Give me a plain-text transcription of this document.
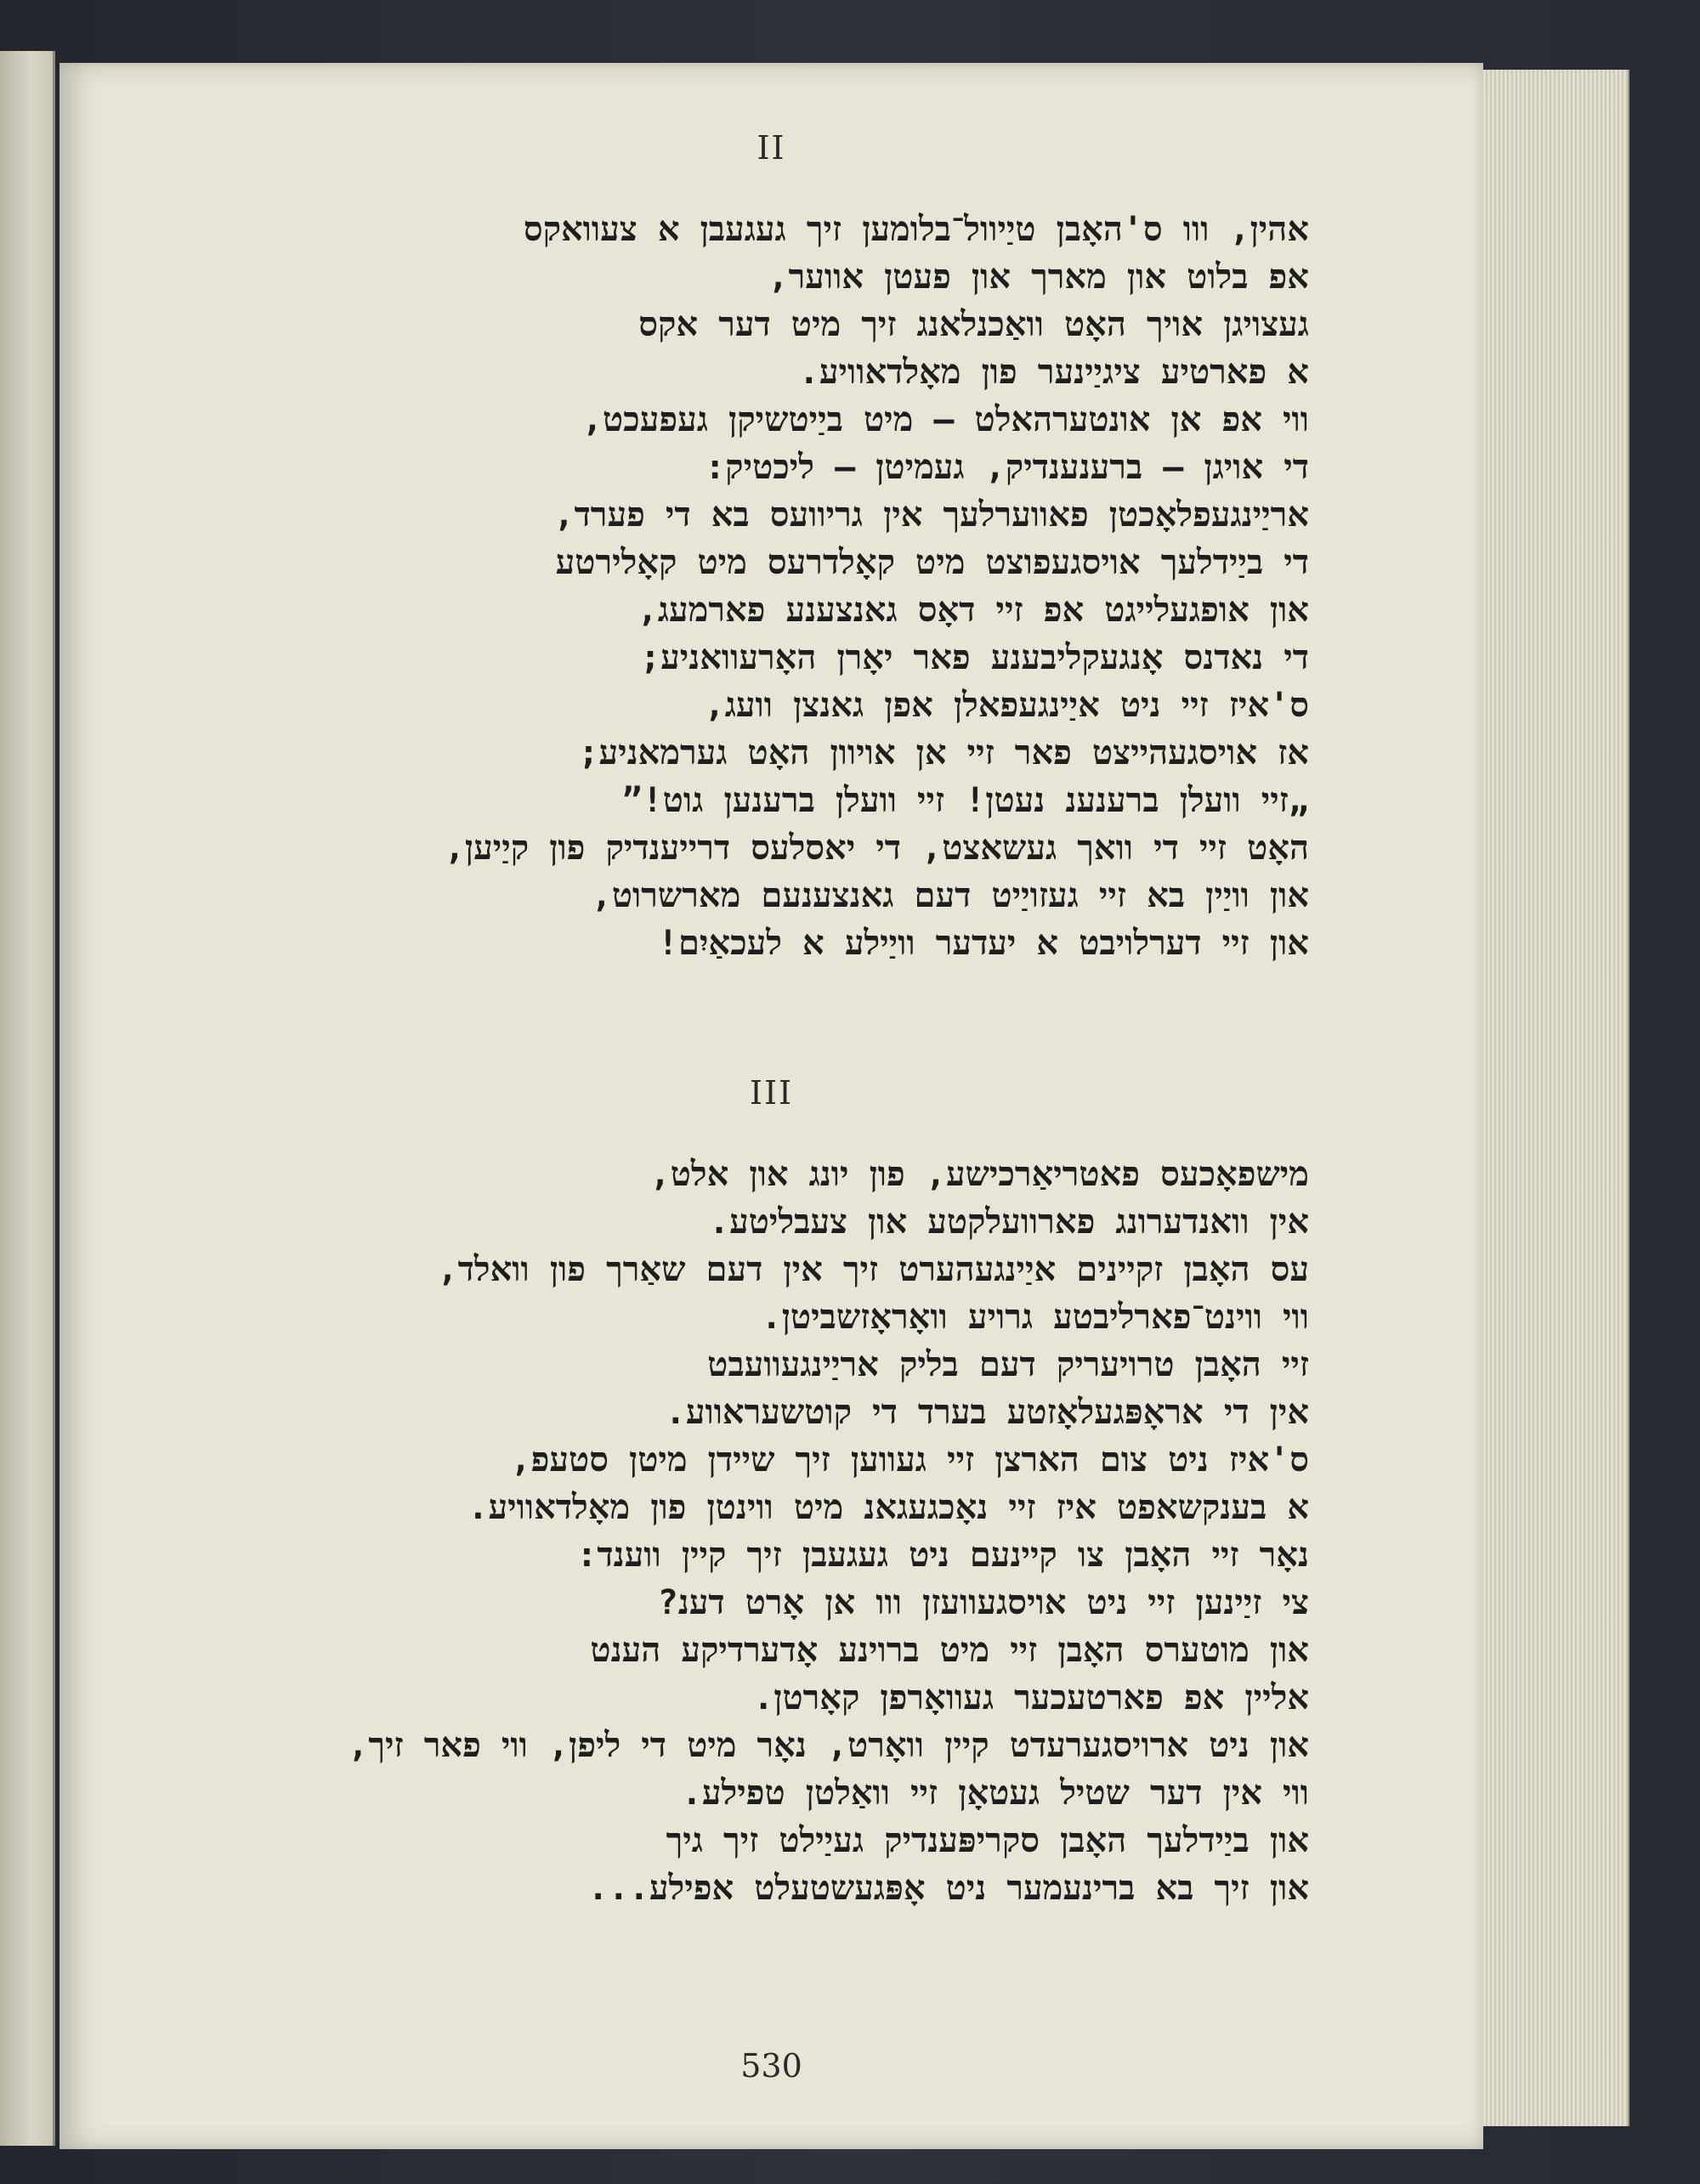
II
אהין, ווו ס'האָבן טיַיוול־בלומען זיך געגעבן א צעוואקס
אפ בלוט און מארך און פעטן אווער,
געצויגן אויך האָט וואַכנלאנג זיך מיט דער אקס
א פארטיע ציגיַינער פון מאָלדאוויע.
ווי אפ אן אונטערהאלט — מיט ביַיטשיקן געפעכט,
די אויגן — ברענענדיק, געמיטן — ליכטיק:
אריַינגעפלאָכטן פאווערלעך אין גריוועס בא די פערד,
די ביַידלעך אויסגעפוצט מיט קאָלדרעס מיט קאָלירטע
און אופגעלייגט אפ זיי דאָס גאנצענע פארמעג,
די נאדנס אָנגעקליבענע פאר יאָרן האָרעוואניע;
ס'איז זיי ניט איַינגעפאלן אפן גאנצן וועג,
אז אויסגעהייצט פאר זיי אן אויוון האָט גערמאניע;
„זיי וועלן ברענענ נעטן! זיי וועלן ברענען גוט!”
האָט זיי די וואך געשאצט, די יאסלעס דרייענדיק פון קיַיען,
און וויַין בא זיי געזויַיט דעם גאנצענעם מארשרוט,
און זיי דערלויבט א יעדער וויַילע א לעכאַיִם!
III
מישפאָכעס פאטריאַרכישע, פון יונג און אלט,
אין וואנדערונג פארוועלקטע און צעבליטע.
עס האָבן זקיינים איַינגעהערט זיך אין דעם שאַרך פון וואלד,
ווי ווינט־פארליבטע גרויע וואָראָזשביטן.
זיי האָבן טרויעריק דעם בליק אריַינגעוועבט
אין די אראָפּגעלאָזטע בערד די קוטשעראווע.
ס'איז ניט צום הארצן זיי געווען זיך שיידן מיטן סטעפ,
א בענקשאפט איז זיי נאָכגעגאנ מיט ווינטן פון מאָלדאוויע.
נאָר זיי האָבן צו קיינעם ניט געגעבן זיך קיין ווענד:
צי זיַינען זיי ניט אויסגעוועזן ווו אן אָרט דענ?
און מוטערס האָבן זיי מיט ברוינע אָדערדיקע הענט
אליין אפ פארטעכער געוואָרפן קאָרטן.
און ניט ארויסגערעדט קיין וואָרט, נאָר מיט די ליפן, ווי פאר זיך,
ווי אין דער שטיל געטאָן זיי וואַלטן טפילע.
און ביַידלעך האָבן סקריפּענדיק געיַילט זיך גיך
און זיך בא ברינעמער ניט אָפּגעשטעלט אפילע...
530
